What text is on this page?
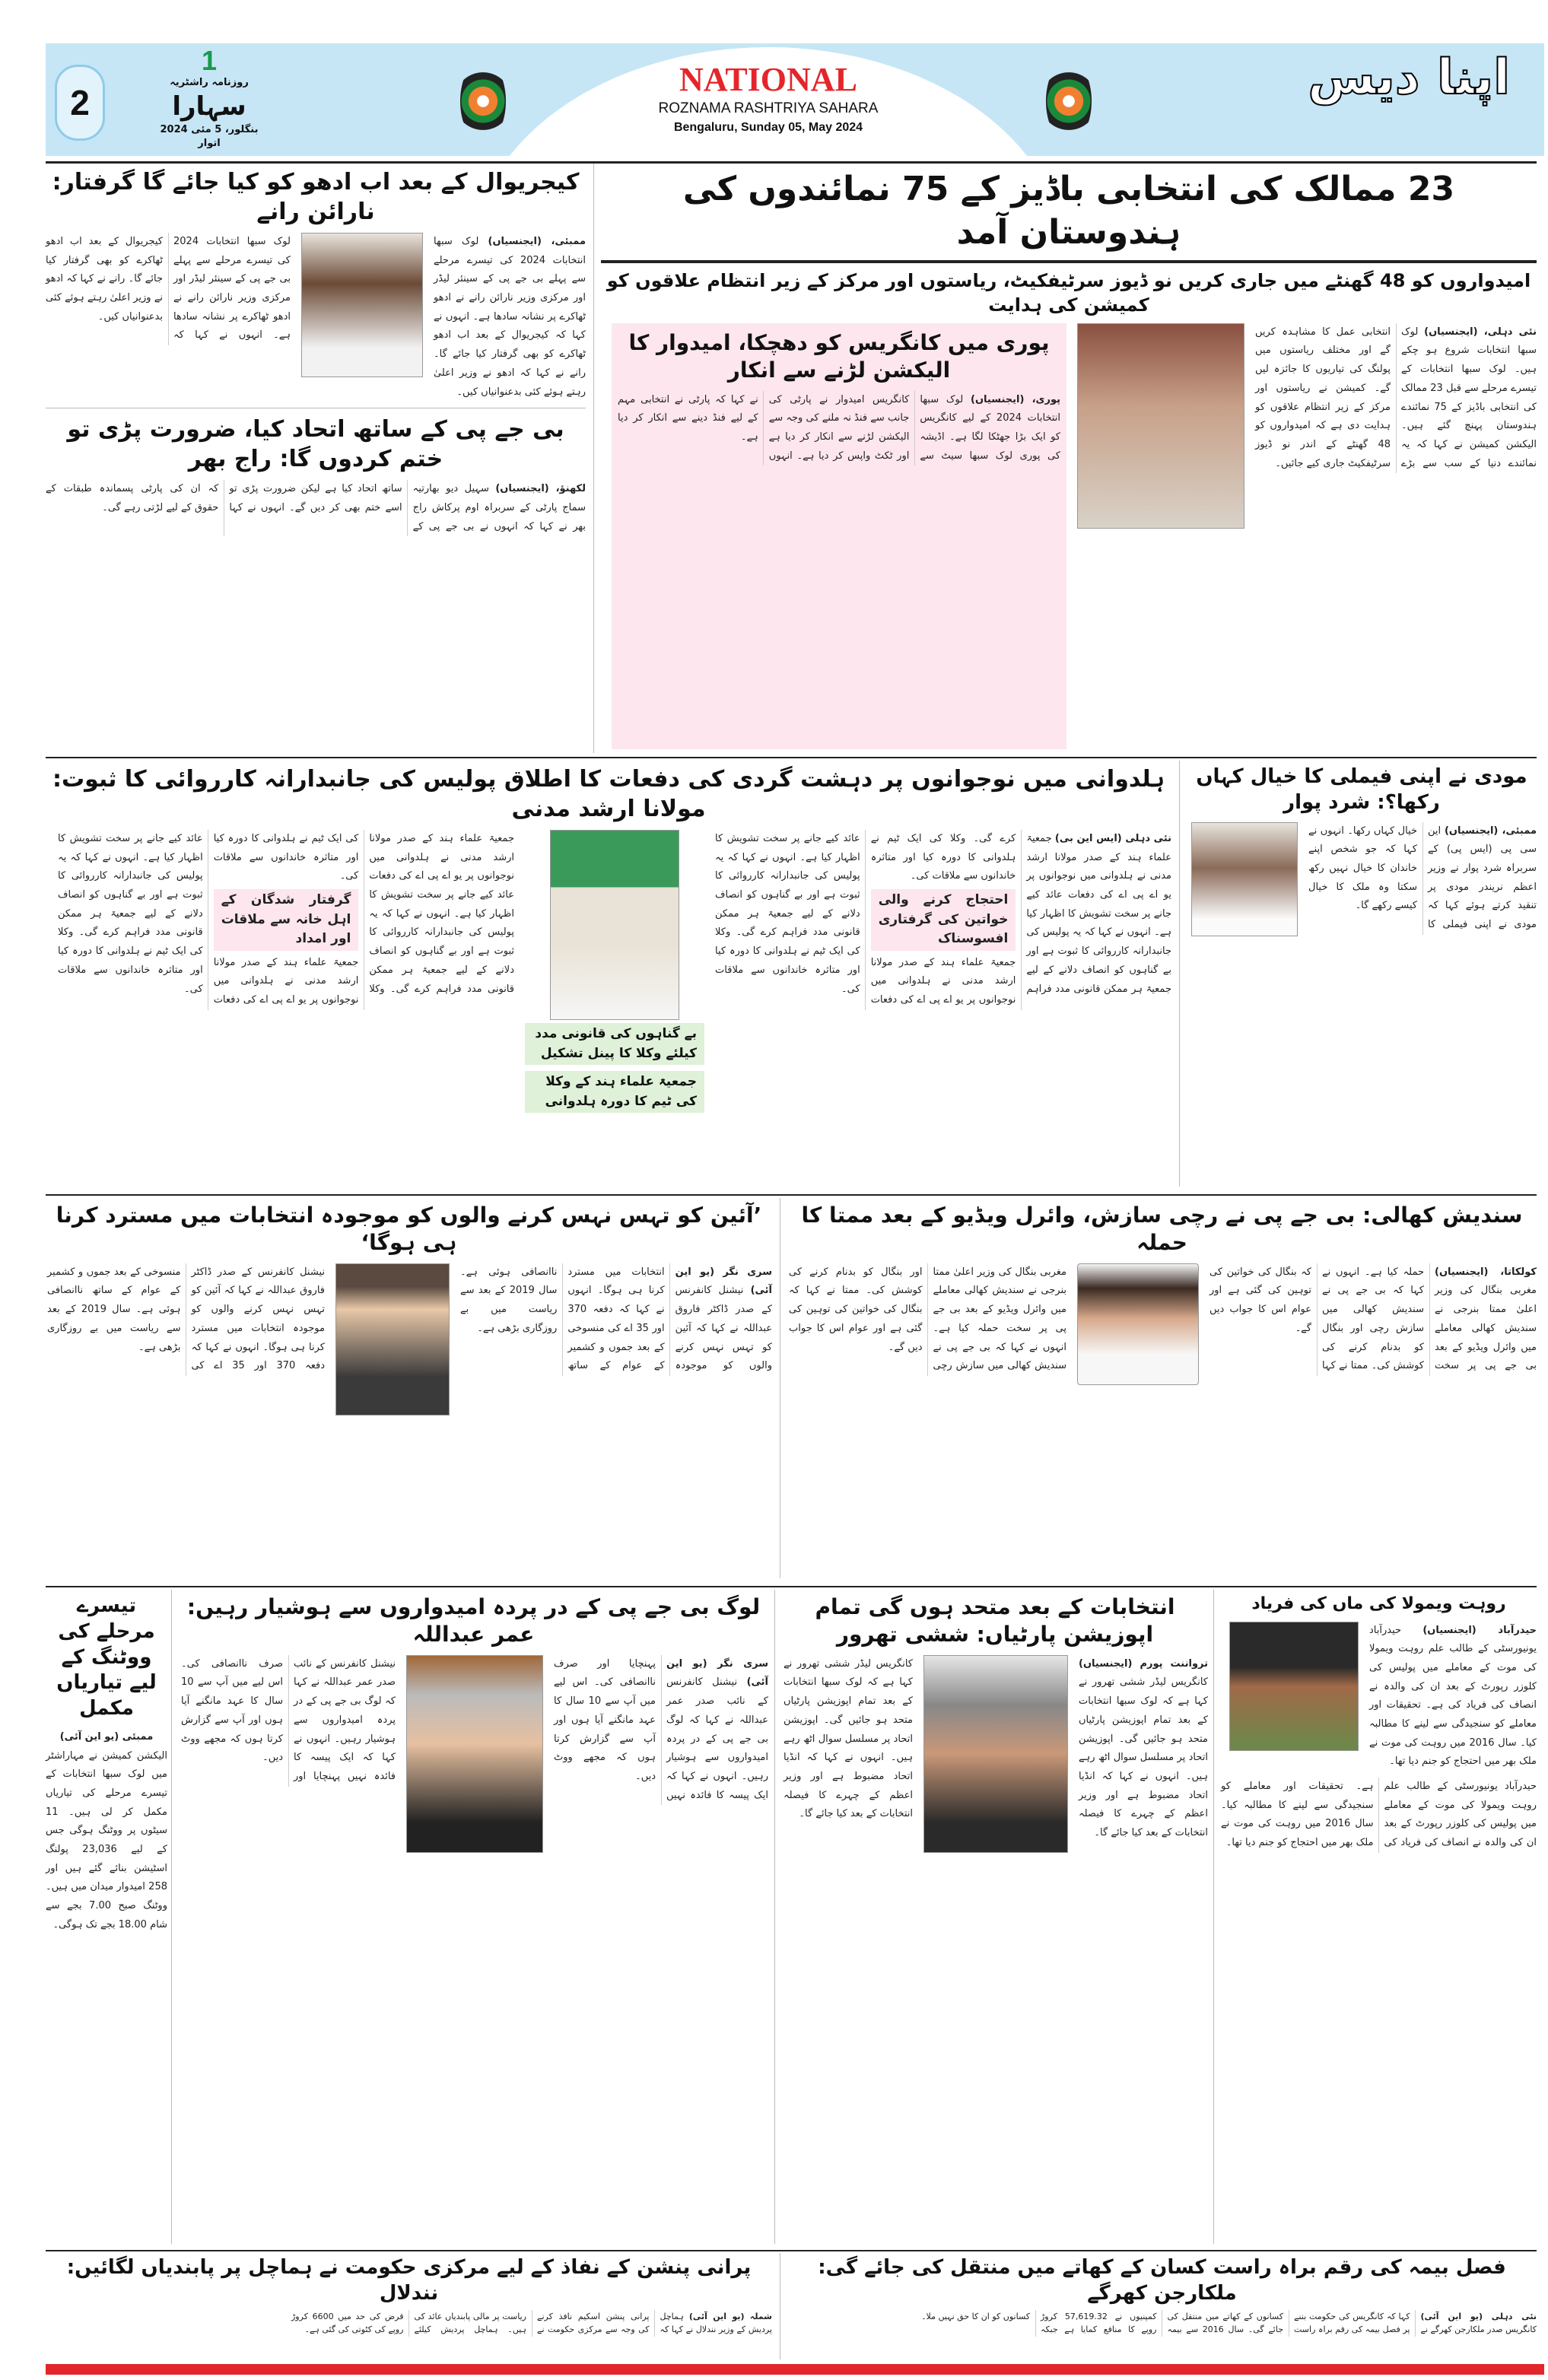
NATIONAL
ROZNAMA RASHTRIYA SAHARA
Bengaluru, Sunday 05, May 2024
2
1
روزنامہ راشٹریہ
سہارا
بنگلور، 5 مئی 2024 اتوار
اپنا دیس
23 ممالک کی انتخابی باڈیز کے 75 نمائندوں کی ہندوستان آمد
امیدواروں کو 48 گھنٹے میں جاری کریں نو ڈیوز سرٹیفکیٹ، ریاستوں اور مرکز کے زیر انتظام علاقوں کو کمیشن کی ہدایت
نئی دہلی، (ایجنسیاں) لوک سبھا انتخابات شروع ہو چکے ہیں۔ لوک سبھا انتخابات کے تیسرے مرحلے سے قبل 23 ممالک کی انتخابی باڈیز کے 75 نمائندے ہندوستان پہنچ گئے ہیں۔ الیکشن کمیشن نے کہا کہ یہ نمائندے دنیا کے سب سے بڑے انتخابی عمل کا مشاہدہ کریں گے اور مختلف ریاستوں میں پولنگ کی تیاریوں کا جائزہ لیں گے۔ کمیشن نے ریاستوں اور مرکز کے زیر انتظام علاقوں کو ہدایت دی ہے کہ امیدواروں کو 48 گھنٹے کے اندر نو ڈیوز سرٹیفکیٹ جاری کیے جائیں۔
پوری میں کانگریس کو دھچکا، امیدوار کا الیکشن لڑنے سے انکار
پوری، (ایجنسیاں) لوک سبھا انتخابات 2024 کے لیے کانگریس کو ایک بڑا جھٹکا لگا ہے۔ اڈیشہ کی پوری لوک سبھا سیٹ سے کانگریس امیدوار نے پارٹی کی جانب سے فنڈ نہ ملنے کی وجہ سے الیکشن لڑنے سے انکار کر دیا ہے اور ٹکٹ واپس کر دیا ہے۔ انہوں نے کہا کہ پارٹی نے انتخابی مہم کے لیے فنڈ دینے سے انکار کر دیا ہے۔
کیجریوال کے بعد اب ادھو کو کیا جائے گا گرفتار: نارائن رانے
ممبئی، (ایجنسیاں) لوک سبھا انتخابات 2024 کی تیسرے مرحلے سے پہلے بی جے پی کے سینئر لیڈر اور مرکزی وزیر نارائن رانے نے ادھو ٹھاکرے پر نشانہ سادھا ہے۔ انہوں نے کہا کہ کیجریوال کے بعد اب ادھو ٹھاکرے کو بھی گرفتار کیا جائے گا۔ رانے نے کہا کہ ادھو نے وزیر اعلیٰ رہتے ہوئے کئی بدعنوانیاں کیں۔
لوک سبھا انتخابات 2024 کی تیسرے مرحلے سے پہلے بی جے پی کے سینئر لیڈر اور مرکزی وزیر نارائن رانے نے ادھو ٹھاکرے پر نشانہ سادھا ہے۔ انہوں نے کہا کہ کیجریوال کے بعد اب ادھو ٹھاکرے کو بھی گرفتار کیا جائے گا۔ رانے نے کہا کہ ادھو نے وزیر اعلیٰ رہتے ہوئے کئی بدعنوانیاں کیں۔
بی جے پی کے ساتھ اتحاد کیا، ضرورت پڑی تو ختم کردوں گا: راج بھر
لکھنؤ، (ایجنسیاں) سہیل دیو بھارتیہ سماج پارٹی کے سربراہ اوم پرکاش راج بھر نے کہا کہ انہوں نے بی جے پی کے ساتھ اتحاد کیا ہے لیکن ضرورت پڑی تو اسے ختم بھی کر دیں گے۔ انہوں نے کہا کہ ان کی پارٹی پسماندہ طبقات کے حقوق کے لیے لڑتی رہے گی۔
ہلدوانی میں نوجوانوں پر دہشت گردی کی دفعات کا اطلاق پولیس کی جانبدارانہ کارروائی کا ثبوت: مولانا ارشد مدنی
نئی دہلی (ایس این بی) جمعیۃ علماء ہند کے صدر مولانا ارشد مدنی نے ہلدوانی میں نوجوانوں پر یو اے پی اے کی دفعات عائد کیے جانے پر سخت تشویش کا اظہار کیا ہے۔ انہوں نے کہا کہ یہ پولیس کی جانبدارانہ کارروائی کا ثبوت ہے اور بے گناہوں کو انصاف دلانے کے لیے جمعیۃ ہر ممکن قانونی مدد فراہم کرے گی۔ وکلا کی ایک ٹیم نے ہلدوانی کا دورہ کیا اور متاثرہ خاندانوں سے ملاقات کی۔
احتجاج کرنے والی خواتین کی گرفتاری افسوسناک
جمعیۃ علماء ہند کے صدر مولانا ارشد مدنی نے ہلدوانی میں نوجوانوں پر یو اے پی اے کی دفعات عائد کیے جانے پر سخت تشویش کا اظہار کیا ہے۔ انہوں نے کہا کہ یہ پولیس کی جانبدارانہ کارروائی کا ثبوت ہے اور بے گناہوں کو انصاف دلانے کے لیے جمعیۃ ہر ممکن قانونی مدد فراہم کرے گی۔ وکلا کی ایک ٹیم نے ہلدوانی کا دورہ کیا اور متاثرہ خاندانوں سے ملاقات کی۔
بے گناہوں کی قانونی مدد کیلئے وکلا کا پینل تشکیل
جمعیۃ علماء ہند کے وکلا کی ٹیم کا دورہ ہلدوانی
جمعیۃ علماء ہند کے صدر مولانا ارشد مدنی نے ہلدوانی میں نوجوانوں پر یو اے پی اے کی دفعات عائد کیے جانے پر سخت تشویش کا اظہار کیا ہے۔ انہوں نے کہا کہ یہ پولیس کی جانبدارانہ کارروائی کا ثبوت ہے اور بے گناہوں کو انصاف دلانے کے لیے جمعیۃ ہر ممکن قانونی مدد فراہم کرے گی۔ وکلا کی ایک ٹیم نے ہلدوانی کا دورہ کیا اور متاثرہ خاندانوں سے ملاقات کی۔
گرفتار شدگان کے اہل خانہ سے ملاقات اور امداد
جمعیۃ علماء ہند کے صدر مولانا ارشد مدنی نے ہلدوانی میں نوجوانوں پر یو اے پی اے کی دفعات عائد کیے جانے پر سخت تشویش کا اظہار کیا ہے۔ انہوں نے کہا کہ یہ پولیس کی جانبدارانہ کارروائی کا ثبوت ہے اور بے گناہوں کو انصاف دلانے کے لیے جمعیۃ ہر ممکن قانونی مدد فراہم کرے گی۔ وکلا کی ایک ٹیم نے ہلدوانی کا دورہ کیا اور متاثرہ خاندانوں سے ملاقات کی۔
مودی نے اپنی فیملی کا خیال کہاں رکھا؟: شرد پوار
ممبئی، (ایجنسیاں) این سی پی (ایس پی) کے سربراہ شرد پوار نے وزیر اعظم نریندر مودی پر تنقید کرتے ہوئے کہا کہ مودی نے اپنی فیملی کا خیال کہاں رکھا۔ انہوں نے کہا کہ جو شخص اپنے خاندان کا خیال نہیں رکھ سکتا وہ ملک کا خیال کیسے رکھے گا۔
سندیش کھالی: بی جے پی نے رچی سازش، وائرل ویڈیو کے بعد ممتا کا حملہ
کولکاتا، (ایجنسیاں) مغربی بنگال کی وزیر اعلیٰ ممتا بنرجی نے سندیش کھالی معاملے میں وائرل ویڈیو کے بعد بی جے پی پر سخت حملہ کیا ہے۔ انہوں نے کہا کہ بی جے پی نے سندیش کھالی میں سازش رچی اور بنگال کو بدنام کرنے کی کوشش کی۔ ممتا نے کہا کہ بنگال کی خواتین کی توہین کی گئی ہے اور عوام اس کا جواب دیں گے۔
مغربی بنگال کی وزیر اعلیٰ ممتا بنرجی نے سندیش کھالی معاملے میں وائرل ویڈیو کے بعد بی جے پی پر سخت حملہ کیا ہے۔ انہوں نے کہا کہ بی جے پی نے سندیش کھالی میں سازش رچی اور بنگال کو بدنام کرنے کی کوشش کی۔ ممتا نے کہا کہ بنگال کی خواتین کی توہین کی گئی ہے اور عوام اس کا جواب دیں گے۔
’آئین کو تہس نہس کرنے والوں کو موجودہ انتخابات میں مسترد کرنا ہی ہوگا‘
سری نگر (یو این آئی) نیشنل کانفرنس کے صدر ڈاکٹر فاروق عبداللہ نے کہا کہ آئین کو تہس نہس کرنے والوں کو موجودہ انتخابات میں مسترد کرنا ہی ہوگا۔ انہوں نے کہا کہ دفعہ 370 اور 35 اے کی منسوخی کے بعد جموں و کشمیر کے عوام کے ساتھ ناانصافی ہوئی ہے۔ سال 2019 کے بعد سے ریاست میں بے روزگاری بڑھی ہے۔
نیشنل کانفرنس کے صدر ڈاکٹر فاروق عبداللہ نے کہا کہ آئین کو تہس نہس کرنے والوں کو موجودہ انتخابات میں مسترد کرنا ہی ہوگا۔ انہوں نے کہا کہ دفعہ 370 اور 35 اے کی منسوخی کے بعد جموں و کشمیر کے عوام کے ساتھ ناانصافی ہوئی ہے۔ سال 2019 کے بعد سے ریاست میں بے روزگاری بڑھی ہے۔
روہت ویمولا کی ماں کی فریاد
حیدرآباد (ایجنسیاں) حیدرآباد یونیورسٹی کے طالب علم روہت ویمولا کی موت کے معاملے میں پولیس کی کلوزر رپورٹ کے بعد ان کی والدہ نے انصاف کی فریاد کی ہے۔ تحقیقات اور معاملے کو سنجیدگی سے لینے کا مطالبہ کیا۔ سال 2016 میں روہت کی موت نے ملک بھر میں احتجاج کو جنم دیا تھا۔
حیدرآباد یونیورسٹی کے طالب علم روہت ویمولا کی موت کے معاملے میں پولیس کی کلوزر رپورٹ کے بعد ان کی والدہ نے انصاف کی فریاد کی ہے۔ تحقیقات اور معاملے کو سنجیدگی سے لینے کا مطالبہ کیا۔ سال 2016 میں روہت کی موت نے ملک بھر میں احتجاج کو جنم دیا تھا۔
انتخابات کے بعد متحد ہوں گی تمام اپوزیشن پارٹیاں: ششی تھرور
ترواننت پورم (ایجنسیاں) کانگریس لیڈر ششی تھرور نے کہا ہے کہ لوک سبھا انتخابات کے بعد تمام اپوزیشن پارٹیاں متحد ہو جائیں گی۔ اپوزیشن اتحاد پر مسلسل سوال اٹھ رہے ہیں۔ انہوں نے کہا کہ انڈیا اتحاد مضبوط ہے اور وزیر اعظم کے چہرے کا فیصلہ انتخابات کے بعد کیا جائے گا۔
کانگریس لیڈر ششی تھرور نے کہا ہے کہ لوک سبھا انتخابات کے بعد تمام اپوزیشن پارٹیاں متحد ہو جائیں گی۔ اپوزیشن اتحاد پر مسلسل سوال اٹھ رہے ہیں۔ انہوں نے کہا کہ انڈیا اتحاد مضبوط ہے اور وزیر اعظم کے چہرے کا فیصلہ انتخابات کے بعد کیا جائے گا۔
لوگ بی جے پی کے در پردہ امیدواروں سے ہوشیار رہیں: عمر عبداللہ
سری نگر (یو این آئی) نیشنل کانفرنس کے نائب صدر عمر عبداللہ نے کہا کہ لوگ بی جے پی کے در پردہ امیدواروں سے ہوشیار رہیں۔ انہوں نے کہا کہ ایک پیسہ کا فائدہ نہیں پہنچایا اور صرف ناانصافی کی۔ اس لیے میں آپ سے 10 سال کا عہد مانگنے آیا ہوں اور آپ سے گزارش کرتا ہوں کہ مجھے ووٹ دیں۔
نیشنل کانفرنس کے نائب صدر عمر عبداللہ نے کہا کہ لوگ بی جے پی کے در پردہ امیدواروں سے ہوشیار رہیں۔ انہوں نے کہا کہ ایک پیسہ کا فائدہ نہیں پہنچایا اور صرف ناانصافی کی۔ اس لیے میں آپ سے 10 سال کا عہد مانگنے آیا ہوں اور آپ سے گزارش کرتا ہوں کہ مجھے ووٹ دیں۔
تیسرے مرحلے کی ووٹنگ کے لیے تیاریاں مکمل
ممبئی (یو این آئی)
الیکشن کمیشن نے مہاراشٹر میں لوک سبھا انتخابات کے تیسرے مرحلے کی تیاریاں مکمل کر لی ہیں۔ 11 سیٹوں پر ووٹنگ ہوگی جس کے لیے 23,036 پولنگ اسٹیشن بنائے گئے ہیں اور 258 امیدوار میدان میں ہیں۔ ووٹنگ صبح 7.00 بجے سے شام 18.00 بجے تک ہوگی۔
فصل بیمہ کی رقم براہ راست کسان کے کھاتے میں منتقل کی جائے گی: ملکارجن کھرگے
نئی دہلی (یو این آئی) کانگریس صدر ملکارجن کھرگے نے کہا کہ کانگریس کی حکومت بننے پر فصل بیمہ کی رقم براہ راست کسانوں کے کھاتے میں منتقل کی جائے گی۔ سال 2016 سے بیمہ کمپنیوں نے 57,619.32 کروڑ روپے کا منافع کمایا ہے جبکہ کسانوں کو ان کا حق نہیں ملا۔
پرانی پنشن کے نفاذ کے لیے مرکزی حکومت نے ہماچل پر پابندیاں لگائیں: نندلال
شملہ (یو این آئی) ہماچل پردیش کے وزیر نندلال نے کہا کہ پرانی پنشن اسکیم نافذ کرنے کی وجہ سے مرکزی حکومت نے ریاست پر مالی پابندیاں عائد کی ہیں۔ ہماچل پردیش کیلئے قرض کی حد میں 6600 کروڑ روپے کی کٹوتی کی گئی ہے۔
